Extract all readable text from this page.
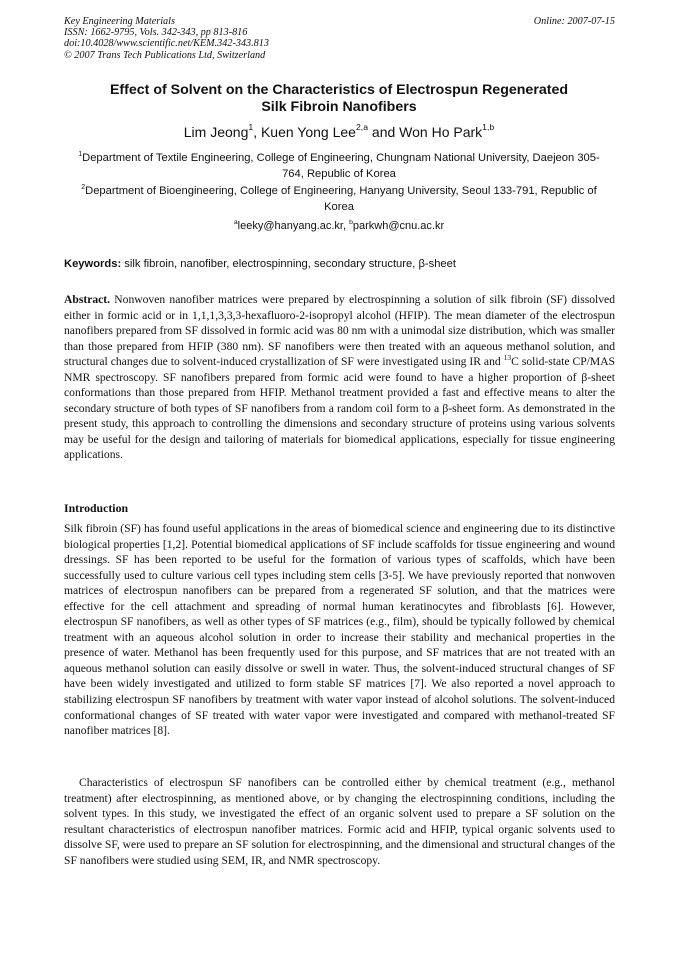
Key Engineering Materials
ISSN: 1662-9795, Vols. 342-343, pp 813-816
doi:10.4028/www.scientific.net/KEM.342-343.813
© 2007 Trans Tech Publications Ltd, Switzerland
Online: 2007-07-15
Effect of Solvent on the Characteristics of Electrospun Regenerated
Silk Fibroin Nanofibers
Lim Jeong$^1$, Kuen Yong Lee$^{2,a}$ and Won Ho Park$^{1,b}$
$^1$Department of Textile Engineering, College of Engineering, Chungnam National University, Daejeon 305-764, Republic of Korea
$^2$Department of Bioengineering, College of Engineering, Hanyang University, Seoul 133-791, Republic of Korea
$^a$leeky@hanyang.ac.kr, $^b$parkwh@cnu.ac.kr
Keywords: silk fibroin, nanofiber, electrospinning, secondary structure, β-sheet
Abstract. Nonwoven nanofiber matrices were prepared by electrospinning a solution of silk fibroin (SF) dissolved either in formic acid or in 1,1,1,3,3,3-hexafluoro-2-isopropyl alcohol (HFIP). The mean diameter of the electrospun nanofibers prepared from SF dissolved in formic acid was 80 nm with a unimodal size distribution, which was smaller than those prepared from HFIP (380 nm). SF nanofibers were then treated with an aqueous methanol solution, and structural changes due to solvent-induced crystallization of SF were investigated using IR and $^{13}$C solid-state CP/MAS NMR spectroscopy. SF nanofibers prepared from formic acid were found to have a higher proportion of β-sheet conformations than those prepared from HFIP. Methanol treatment provided a fast and effective means to alter the secondary structure of both types of SF nanofibers from a random coil form to a β-sheet form. As demonstrated in the present study, this approach to controlling the dimensions and secondary structure of proteins using various solvents may be useful for the design and tailoring of materials for biomedical applications, especially for tissue engineering applications.
Introduction
Silk fibroin (SF) has found useful applications in the areas of biomedical science and engineering due to its distinctive biological properties [1,2]. Potential biomedical applications of SF include scaffolds for tissue engineering and wound dressings. SF has been reported to be useful for the formation of various types of scaffolds, which have been successfully used to culture various cell types including stem cells [3-5]. We have previously reported that nonwoven matrices of electrospun nanofibers can be prepared from a regenerated SF solution, and that the matrices were effective for the cell attachment and spreading of normal human keratinocytes and fibroblasts [6]. However, electrospun SF nanofibers, as well as other types of SF matrices (e.g., film), should be typically followed by chemical treatment with an aqueous alcohol solution in order to increase their stability and mechanical properties in the presence of water. Methanol has been frequently used for this purpose, and SF matrices that are not treated with an aqueous methanol solution can easily dissolve or swell in water. Thus, the solvent-induced structural changes of SF have been widely investigated and utilized to form stable SF matrices [7]. We also reported a novel approach to stabilizing electrospun SF nanofibers by treatment with water vapor instead of alcohol solutions. The solvent-induced conformational changes of SF treated with water vapor were investigated and compared with methanol-treated SF nanofiber matrices [8].
Characteristics of electrospun SF nanofibers can be controlled either by chemical treatment (e.g., methanol treatment) after electrospinning, as mentioned above, or by changing the electrospinning conditions, including the solvent types. In this study, we investigated the effect of an organic solvent used to prepare a SF solution on the resultant characteristics of electrospun nanofiber matrices. Formic acid and HFIP, typical organic solvents used to dissolve SF, were used to prepare an SF solution for electrospinning, and the dimensional and structural changes of the SF nanofibers were studied using SEM, IR, and NMR spectroscopy.
